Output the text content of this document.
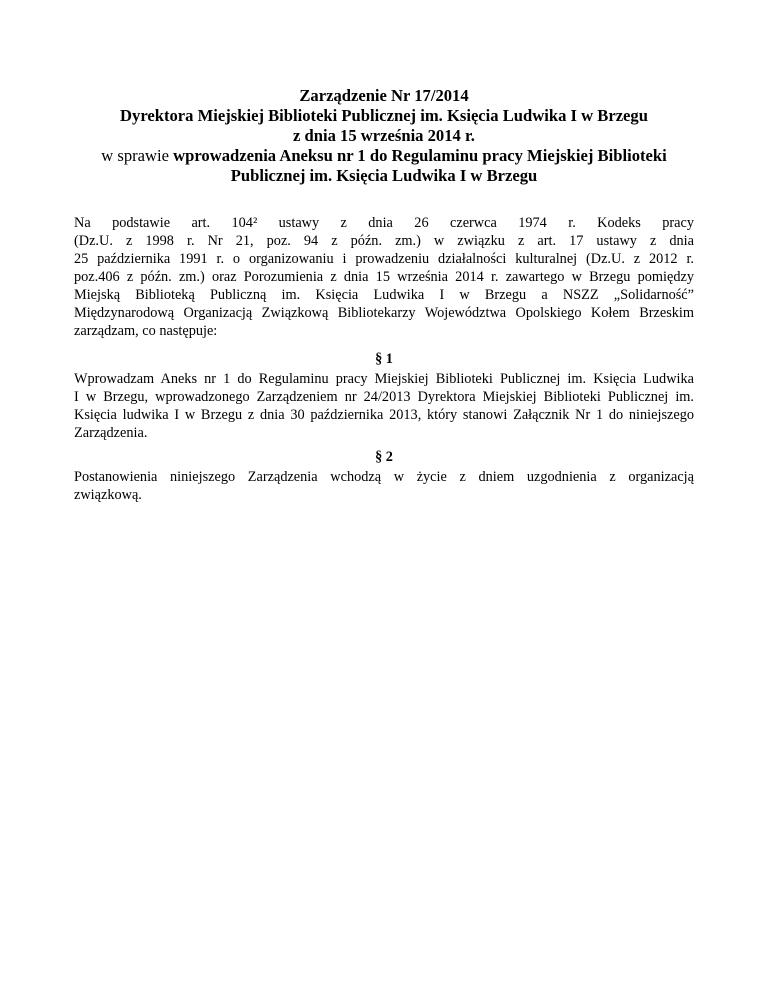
Zarządzenie Nr 17/2014
Dyrektora Miejskiej Biblioteki Publicznej im. Księcia Ludwika I w Brzegu
z dnia 15 września 2014 r.
w sprawie wprowadzenia Aneksu nr 1 do Regulaminu pracy Miejskiej Biblioteki
Publicznej im. Księcia Ludwika I w Brzegu
Na podstawie art. 104² ustawy z dnia 26 czerwca 1974 r. Kodeks pracy
(Dz.U. z 1998 r. Nr 21, poz. 94 z późn. zm.) w związku z art. 17 ustawy z dnia
25 października 1991 r. o organizowaniu i prowadzeniu działalności kulturalnej (Dz.U. z 2012 r.
poz.406 z późn. zm.) oraz Porozumienia z dnia 15 września 2014 r. zawartego w Brzegu pomiędzy
Miejską Biblioteką Publiczną im. Księcia Ludwika I w Brzegu a NSZZ „Solidarność”
Międzynarodową Organizacją Związkową Bibliotekarzy Województwa Opolskiego Kołem Brzeskim
zarządzam, co następuje:
§ 1
Wprowadzam Aneks nr 1 do Regulaminu pracy Miejskiej Biblioteki Publicznej im. Księcia Ludwika
I w Brzegu, wprowadzonego Zarządzeniem nr 24/2013 Dyrektora Miejskiej Biblioteki Publicznej im.
Księcia ludwika I w Brzegu z dnia 30 października 2013, który stanowi Załącznik Nr 1 do niniejszego
Zarządzenia.
§ 2
Postanowienia niniejszego Zarządzenia wchodzą w życie z dniem uzgodnienia z organizacją
związkową.
